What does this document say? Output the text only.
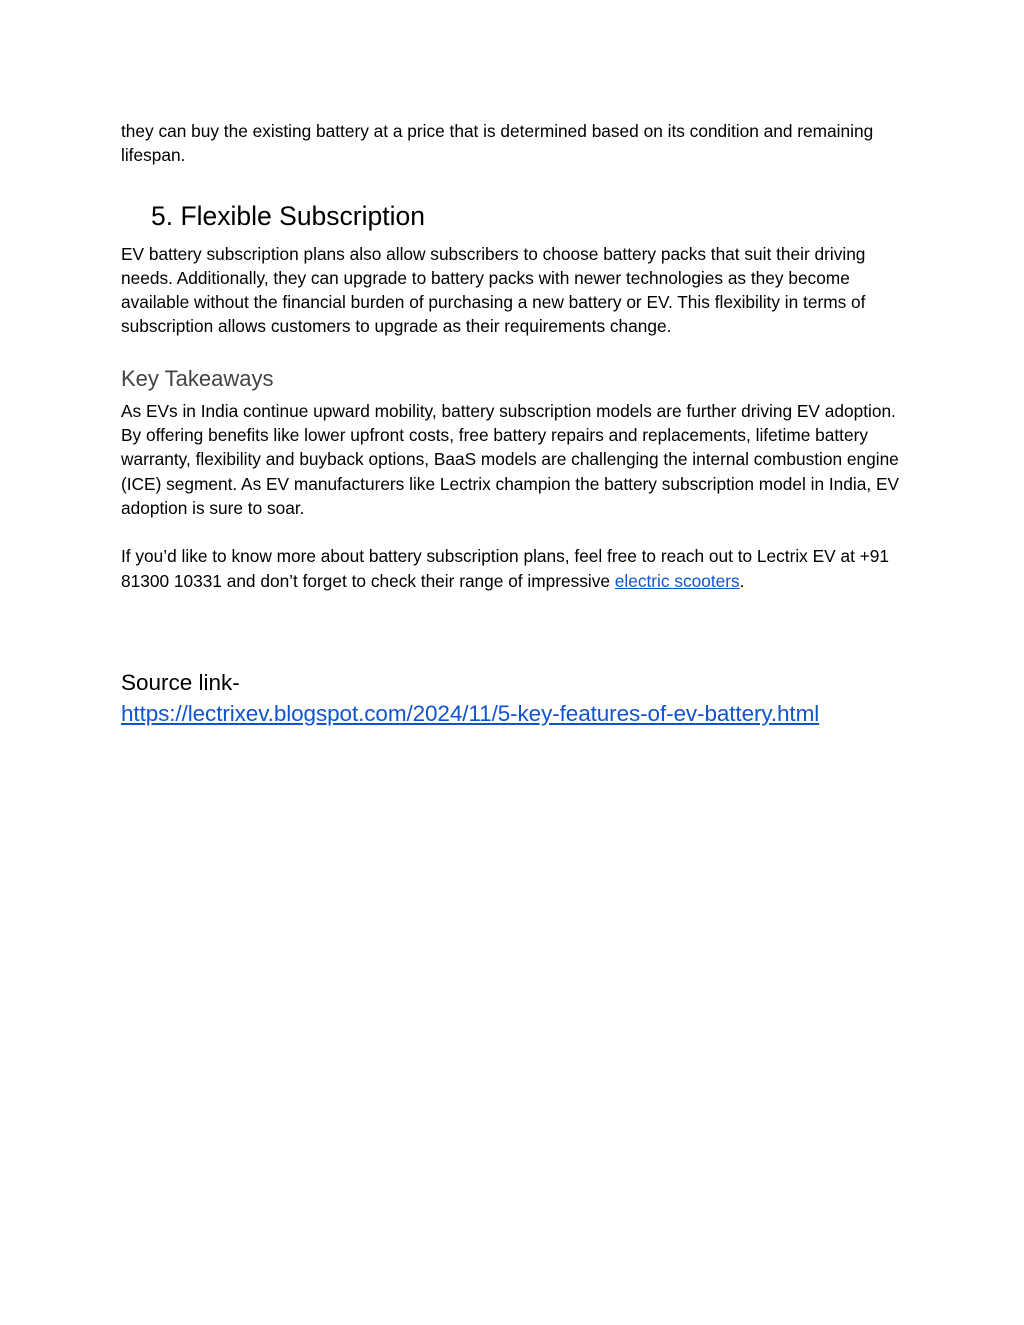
they can buy the existing battery at a price that is determined based on its condition and remaining lifespan.

5. Flexible Subscription

EV battery subscription plans also allow subscribers to choose battery packs that suit their driving needs. Additionally, they can upgrade to battery packs with newer technologies as they become available without the financial burden of purchasing a new battery or EV. This flexibility in terms of subscription allows customers to upgrade as their requirements change.

Key Takeaways

As EVs in India continue upward mobility, battery subscription models are further driving EV adoption. By offering benefits like lower upfront costs, free battery repairs and replacements, lifetime battery warranty, flexibility and buyback options, BaaS models are challenging the internal combustion engine (ICE) segment. As EV manufacturers like Lectrix champion the battery subscription model in India, EV adoption is sure to soar.

If you’d like to know more about battery subscription plans, feel free to reach out to Lectrix EV at +91 81300 10331 and don’t forget to check their range of impressive electric scooters.

Source link-
https://lectrixev.blogspot.com/2024/11/5-key-features-of-ev-battery.html
